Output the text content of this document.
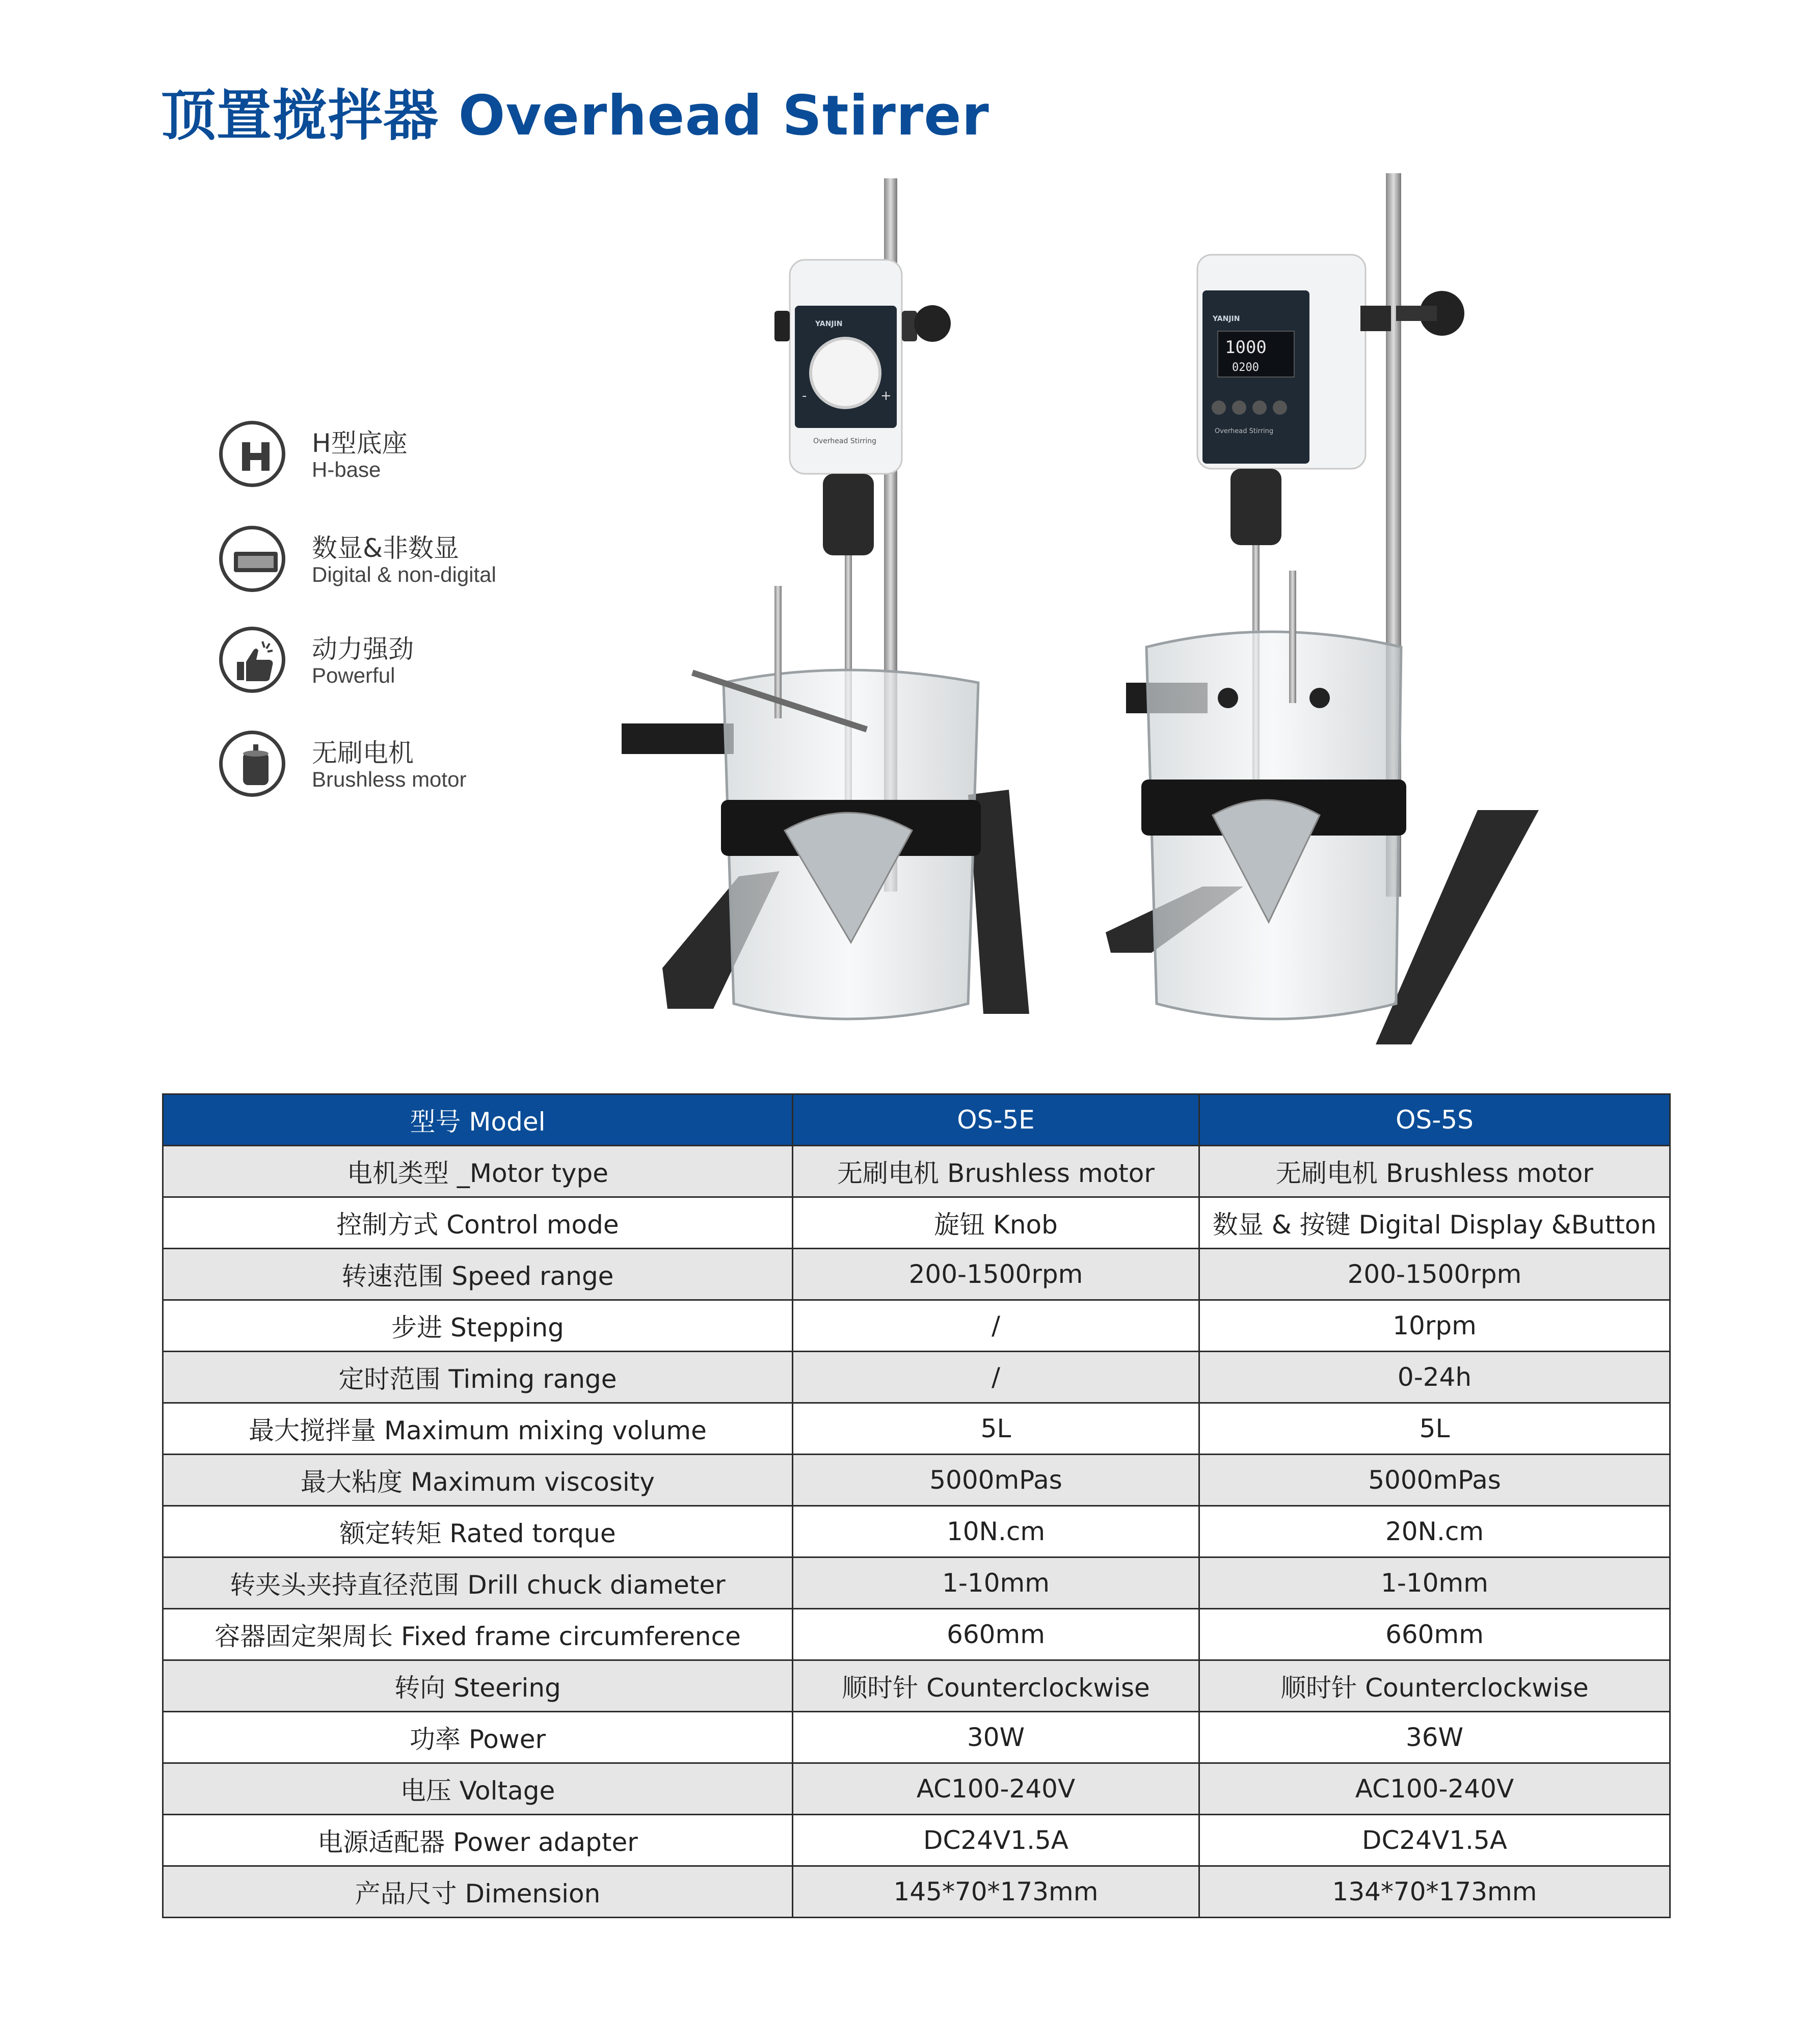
顶置搅拌器 Overhead Stirrer
H型底座
H-base
数显&非数显
Digital & non-digital
动力强劲
Powerful
无刷电机
Brushless motor
-	+
YANJIN
Overhead Stirring
YANJIN
1000
0200
Overhead Stirring
型号 Model	OS-5E	OS-5S
电机类型 _Motor type	无刷电机 Brushless motor	无刷电机 Brushless motor
控制方式 Control mode	旋钮 Knob	数显 & 按键 Digital Display &Button
转速范围 Speed range	200-1500rpm	200-1500rpm
步进 Stepping	/	10rpm
定时范围 Timing range	/	0-24h
最大搅拌量 Maximum mixing volume	5L	5L
最大粘度 Maximum viscosity	5000mPas	5000mPas
额定转矩 Rated torque	10N.cm	20N.cm
转夹头夹持直径范围 Drill chuck diameter	1-10mm	1-10mm
容器固定架周长 Fixed frame circumference	660mm	660mm
转向 Steering	顺时针 Counterclockwise	顺时针 Counterclockwise
功率 Power	30W	36W
电压 Voltage	AC100-240V	AC100-240V
电源适配器 Power adapter	DC24V1.5A	DC24V1.5A
产品尺寸 Dimension	145*70*173mm	134*70*173mm
